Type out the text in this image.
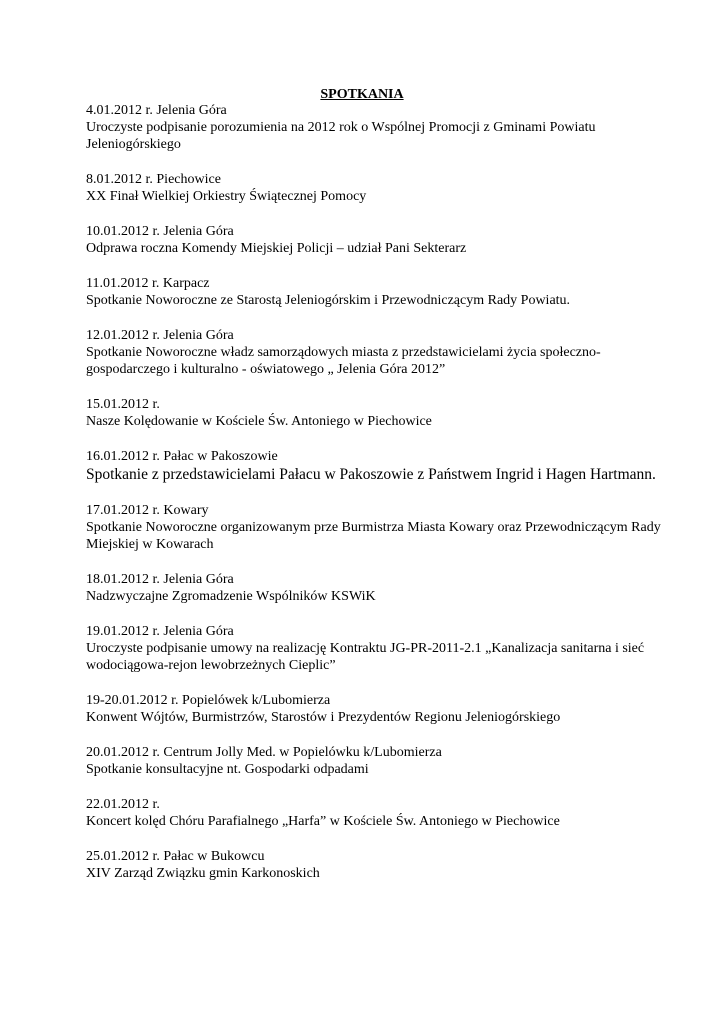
SPOTKANIA

4.01.2012 r. Jelenia Góra

Uroczyste podpisanie porozumienia na 2012 rok o Wspólnej Promocji z Gminami Powiatu Jeleniogórskiego

8.01.2012 r. Piechowice

XX Finał Wielkiej Orkiestry Świątecznej Pomocy

10.01.2012 r. Jelenia Góra

Odprawa roczna Komendy Miejskiej Policji – udział Pani Sekterarz

11.01.2012 r. Karpacz

Spotkanie Noworoczne ze Starostą Jeleniogórskim i Przewodniczącym Rady Powiatu.

12.01.2012 r. Jelenia Góra

Spotkanie Noworoczne władz samorządowych miasta z przedstawicielami życia społeczno-gospodarczego i kulturalno - oświatowego „ Jelenia Góra 2012”

15.01.2012 r.

Nasze Kolędowanie w Kościele Św. Antoniego w Piechowice

16.01.2012 r. Pałac w Pakoszowie

Spotkanie z przedstawicielami Pałacu w Pakoszowie z Państwem Ingrid i Hagen Hartmann.

17.01.2012 r. Kowary

Spotkanie Noworoczne organizowanym prze Burmistrza Miasta Kowary oraz Przewodniczącym Rady Miejskiej w Kowarach

18.01.2012 r. Jelenia Góra

Nadzwyczajne Zgromadzenie Wspólników KSWiK

19.01.2012 r. Jelenia Góra

Uroczyste podpisanie umowy na realizację Kontraktu JG-PR-2011-2.1 „Kanalizacja sanitarna i sieć wodociągowa-rejon lewobrzeżnych Cieplic”

19-20.01.2012 r. Popielówek k/Lubomierza

Konwent Wójtów, Burmistrzów, Starostów i Prezydentów Regionu Jeleniogórskiego

20.01.2012 r. Centrum Jolly Med. w Popielówku k/Lubomierza

Spotkanie konsultacyjne nt. Gospodarki odpadami

22.01.2012 r.

Koncert kolęd Chóru Parafialnego „Harfa” w Kościele Św. Antoniego w Piechowice

25.01.2012 r. Pałac w Bukowcu

XIV Zarząd Związku gmin Karkonoskich
